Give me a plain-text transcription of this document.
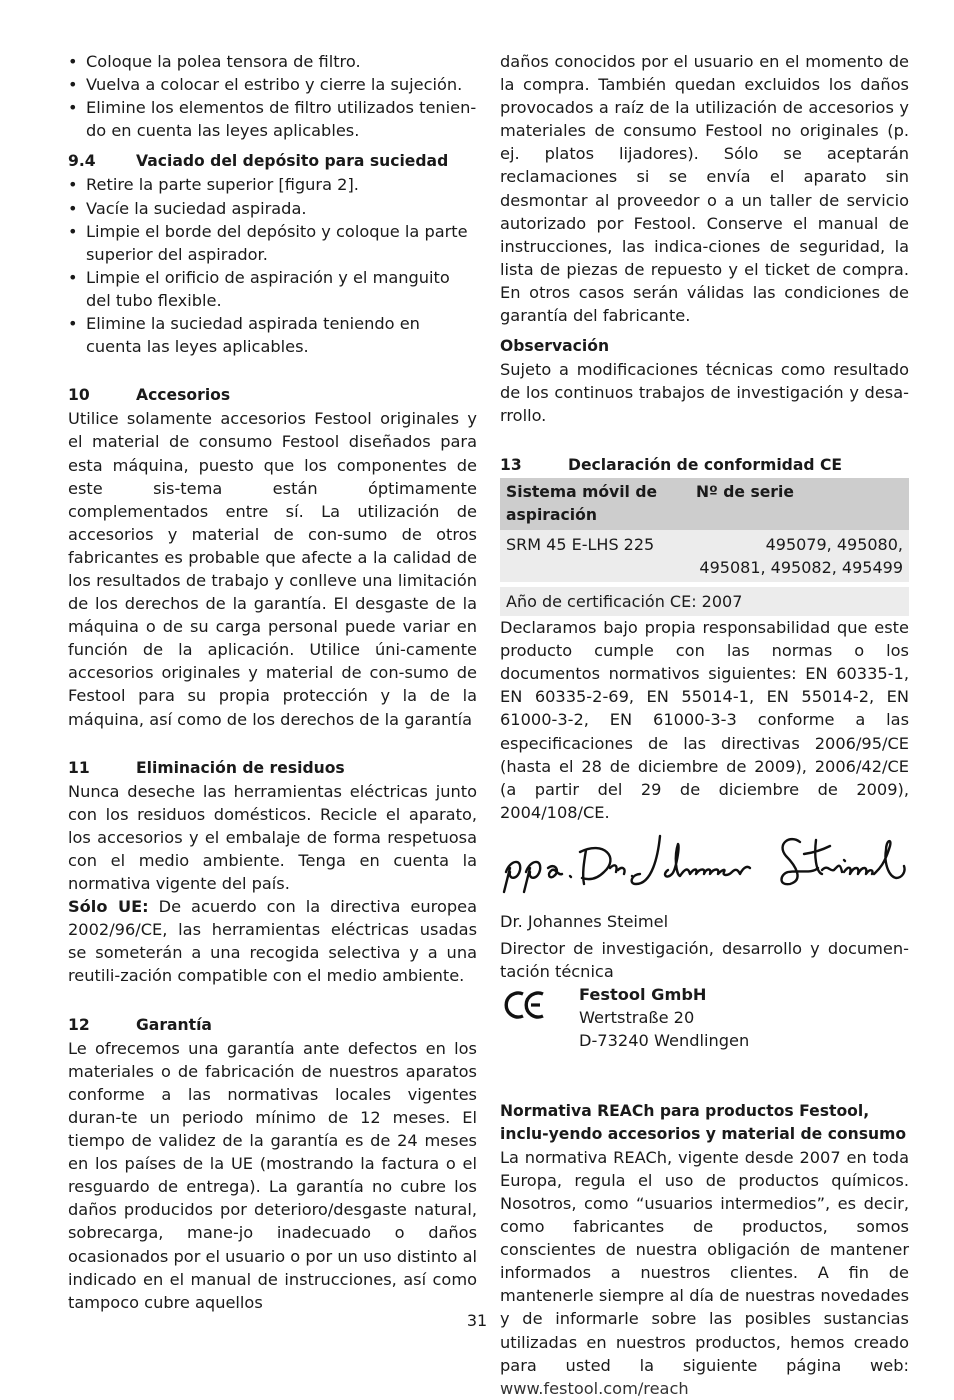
• Coloque la polea tensora de filtro.
• Vuelva a colocar el estribo y cierre la sujeción.
• Elimine los elementos de filtro utilizados tenien-do en cuenta las leyes aplicables.
9.4	Vaciado del depósito para suciedad
• Retire la parte superior [figura 2].
• Vacíe la suciedad aspirada.
• Limpie el borde del depósito y coloque la parte superior del aspirador.
• Limpie el orificio de aspiración y el manguito del tubo flexible.
• Elimine la suciedad aspirada teniendo en cuenta las leyes aplicables.
10	Accesorios

Utilice solamente accesorios Festool originales y el material de consumo Festool diseñados para esta máquina, puesto que los componentes de este sis-tema están óptimamente complementados entre sí. La utilización de accesorios y material de con-sumo de otros fabricantes es probable que afecte a la calidad de los resultados de trabajo y conlleve una limitación de los derechos de la garantía. El desgaste de la máquina o de su carga personal puede variar en función de la aplicación. Utilice úni-camente accesorios originales y material de con-sumo de Festool para su propia protección y la de la máquina, así como de los derechos de la garantía

11	Eliminación de residuos

Nunca deseche las herramientas eléctricas junto con los residuos domésticos. Recicle el aparato, los accesorios y el embalaje de forma respetuosa con el medio ambiente. Tenga en cuenta la normativa vigente del país.

Sólo UE: De acuerdo con la directiva europea 2002/96/CE, las herramientas eléctricas usadas se someterán a una recogida selectiva y a una reutili-zación compatible con el medio ambiente.

12	Garantía

Le ofrecemos una garantía ante defectos en los materiales o de fabricación de nuestros aparatos conforme a las normativas locales vigentes duran-te un periodo mínimo de 12 meses. El tiempo de validez de la garantía es de 24 meses en los países de la UE (mostrando la factura o el resguardo de entrega). La garantía no cubre los daños producidos por deterioro/desgaste natural, sobrecarga, mane-jo inadecuado o daños ocasionados por el usuario o por un uso distinto al indicado en el manual de instrucciones, así como tampoco cubre aquellos

daños conocidos por el usuario en el momento de la compra. También quedan excluidos los daños provocados a raíz de la utilización de accesorios y materiales de consumo Festool no originales (p. ej. platos lijadores). Sólo se aceptarán reclamaciones si se envía el aparato sin desmontar al proveedor o a un taller de servicio autorizado por Festool. Conserve el manual de instrucciones, las indica-ciones de seguridad, la lista de piezas de repuesto y el ticket de compra. En otros casos serán válidas las condiciones de garantía del fabricante.

Observación

Sujeto a modificaciones técnicas como resultado de los continuos trabajos de investigación y desa-rrollo.

13	Declaración de conformidad CE
Sistema móvil de aspiración	Nº de serie
SRM 45 E-LHS 225	495079, 495080, 495081, 495082, 495499

Año de certificación CE: 2007	

Declaramos bajo propia responsabilidad que este producto cumple con las normas o los documentos normativos siguientes: EN 60335-1, EN 60335-2-69, EN 55014-1, EN 55014-2, EN 61000-3-2, EN 61000-3-3 conforme a las especificaciones de las directivas 2006/95/CE (hasta el 28 de diciembre de 2009), 2006/42/CE (a partir del 29 de diciembre de 2009), 2004/108/CE.

Dr. Johannes Steimel

Director de investigación, desarrollo y documen-tación técnica

Festool GmbH
Wertstraße 20
D-73240 Wendlingen
Normativa REACh para productos Festool, inclu-yendo accesorios y material de consumo

La normativa REACh, vigente desde 2007 en toda Europa, regula el uso de productos químicos. Nosotros, como “usuarios intermedios”, es decir, como fabricantes de productos, somos conscientes de nuestra obligación de mantener informados a nuestros clientes. A fin de mantenerle siempre al día de nuestras novedades y de informarle sobre las posibles sustancias utilizadas en nuestros productos, hemos creado para usted la siguiente página web: www.festool.com/reach

31
